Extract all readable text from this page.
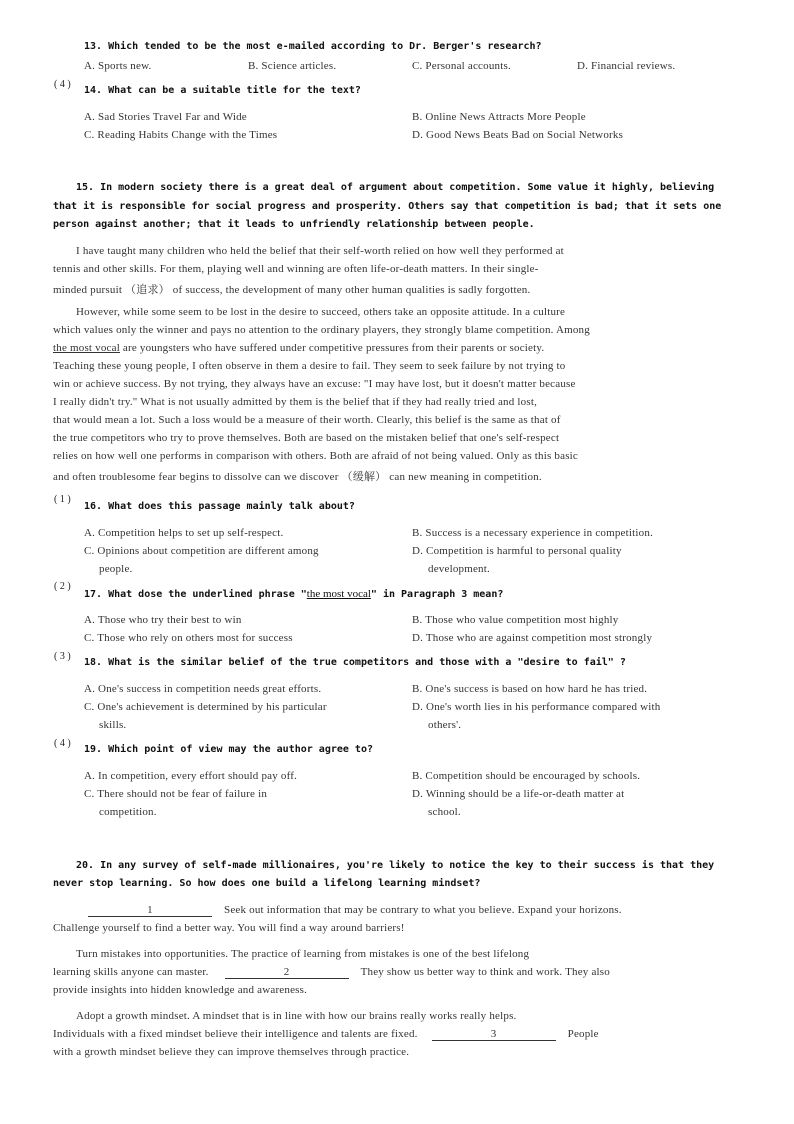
13. Which tended to be the most e-mailed according to Dr. Berger's research?
A. Sports new.	B. Science articles.	C. Personal accounts.	D. Financial reviews.
( 4 )
14. What can be a suitable title for the text?
A. Sad Stories Travel Far and Wide	B. Online News Attracts More People
C. Reading Habits Change with the Times	D. Good News Beats Bad on Social Networks
15. In modern society there is a great deal of argument about competition. Some value it highly, believing
that it is responsible for social progress and prosperity. Others say that competition is bad; that it sets one
person against another; that it leads to unfriendly relationship between people.
I have taught many children who held the belief that their self-worth relied on how well they performed at
tennis and other skills. For them, playing well and winning are often life-or-death matters. In their single-
minded pursuit （追求） of success, the development of many other human qualities is sadly forgotten.
However, while some seem to be lost in the desire to succeed, others take an opposite attitude. In a culture
which values only the winner and pays no attention to the ordinary players, they strongly blame competition. Among
the most vocal are youngsters who have suffered under competitive pressures from their parents or society.
Teaching these young people, I often observe in them a desire to fail. They seem to seek failure by not trying to
win or achieve success. By not trying, they always have an excuse: "I may have lost, but it doesn't matter because
I really didn't try." What is not usually admitted by them is the belief that if they had really tried and lost,
that would mean a lot. Such a loss would be a measure of their worth. Clearly, this belief is the same as that of
the true competitors who try to prove themselves. Both are based on the mistaken belief that one's self-respect
relies on how well one performs in comparison with others. Both are afraid of not being valued. Only as this basic
and often troublesome fear begins to dissolve can we discover （缓解） can new meaning in competition.
( 1 )
16. What does this passage mainly talk about?
A. Competition helps to set up self-respect.	B. Success is a necessary experience in competition.
C. Opinions about competition are different among
people.
D. Competition is harmful to personal quality
development.
( 2 )
17. What dose the underlined phrase "the most vocal" in Paragraph 3 mean?
A. Those who try their best to win	B. Those who value competition most highly
C. Those who rely on others most for success	D. Those who are against competition most strongly
( 3 )
18. What is the similar belief of the true competitors and those with a "desire to fail" ?
A. One's success in competition needs great efforts.	B. One's success is based on how hard he has tried.
C. One's achievement is determined by his particular
skills.
D. One's worth lies in his performance compared with
others'.
( 4 )
19. Which point of view may the author agree to?
A. In competition, every effort should pay off.	B. Competition should be encouraged by schools.
C. There should not be fear of failure in
competition.
D. Winning should be a life-or-death matter at
school.
20. In any survey of self-made millionaires, you're likely to notice the key to their success is that they
never stop learning. So how does one build a lifelong learning mindset?
1	Seek out information that may be contrary to what you believe. Expand your horizons.
Challenge yourself to find a better way. You will find a way around barriers!
Turn mistakes into opportunities. The practice of learning from mistakes is one of the best lifelong
learning skills anyone can master.	2	They show us better way to think and work. They also
provide insights into hidden knowledge and awareness.
Adopt a growth mindset. A mindset that is in line with how our brains really works really helps.
Individuals with a fixed mindset believe their intelligence and talents are fixed.	3	People
with a growth mindset believe they can improve themselves through practice.
